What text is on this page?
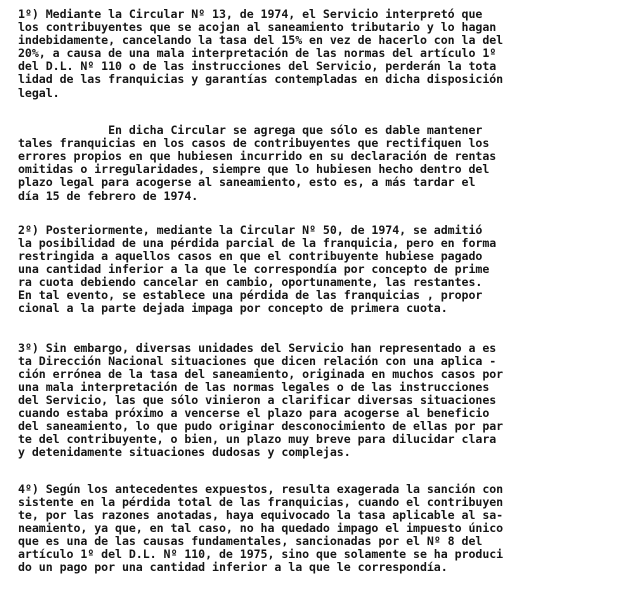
1º) Mediante la Circular Nº 13, de 1974, el Servicio interpretó que
los contribuyentes que se acojan al saneamiento tributario y lo hagan
indebidamente, cancelando la tasa del 15% en vez de hacerlo con la del
20%, a causa de una mala interpretación de las normas del artículo 1º
del D.L. Nº 110 o de las instrucciones del Servicio, perderán la tota
lidad de las franquicias y garantías contempladas en dicha disposición
legal.
En dicha Circular se agrega que sólo es dable mantener
tales franquicias en los casos de contribuyentes que rectifiquen los
errores propios en que hubiesen incurrido en su declaración de rentas
omitidas o irregularidades, siempre que lo hubiesen hecho dentro del
plazo legal para acogerse al saneamiento, esto es, a más tardar el
día 15 de febrero de 1974.
2º) Posteriormente, mediante la Circular Nº 50, de 1974, se admitió
la posibilidad de una pérdida parcial de la franquicia, pero en forma
restringida a aquellos casos en que el contribuyente hubiese pagado
una cantidad inferior a la que le correspondía por concepto de prime
ra cuota debiendo cancelar en cambio, oportunamente, las restantes.
En tal evento, se establece una pérdida de las franquicias , propor
cional a la parte dejada impaga por concepto de primera cuota.
3º) Sin embargo, diversas unidades del Servicio han representado a es
ta Dirección Nacional situaciones que dicen relación con una aplica -
ción errónea de la tasa del saneamiento, originada en muchos casos por
una mala interpretación de las normas legales o de las instrucciones
del Servicio, las que sólo vinieron a clarificar diversas situaciones
cuando estaba próximo a vencerse el plazo para acogerse al beneficio
del saneamiento, lo que pudo originar desconocimiento de ellas por par
te del contribuyente, o bien, un plazo muy breve para dilucidar clara
y detenidamente situaciones dudosas y complejas.
4º) Según los antecedentes expuestos, resulta exagerada la sanción con
sistente en la pérdida total de las franquicias, cuando el contribuyen
te, por las razones anotadas, haya equivocado la tasa aplicable al sa-
neamiento, ya que, en tal caso, no ha quedado impago el impuesto único
que es una de las causas fundamentales, sancionadas por el Nº 8 del
artículo 1º del D.L. Nº 110, de 1975, sino que solamente se ha produci
do un pago por una cantidad inferior a la que le correspondía.
